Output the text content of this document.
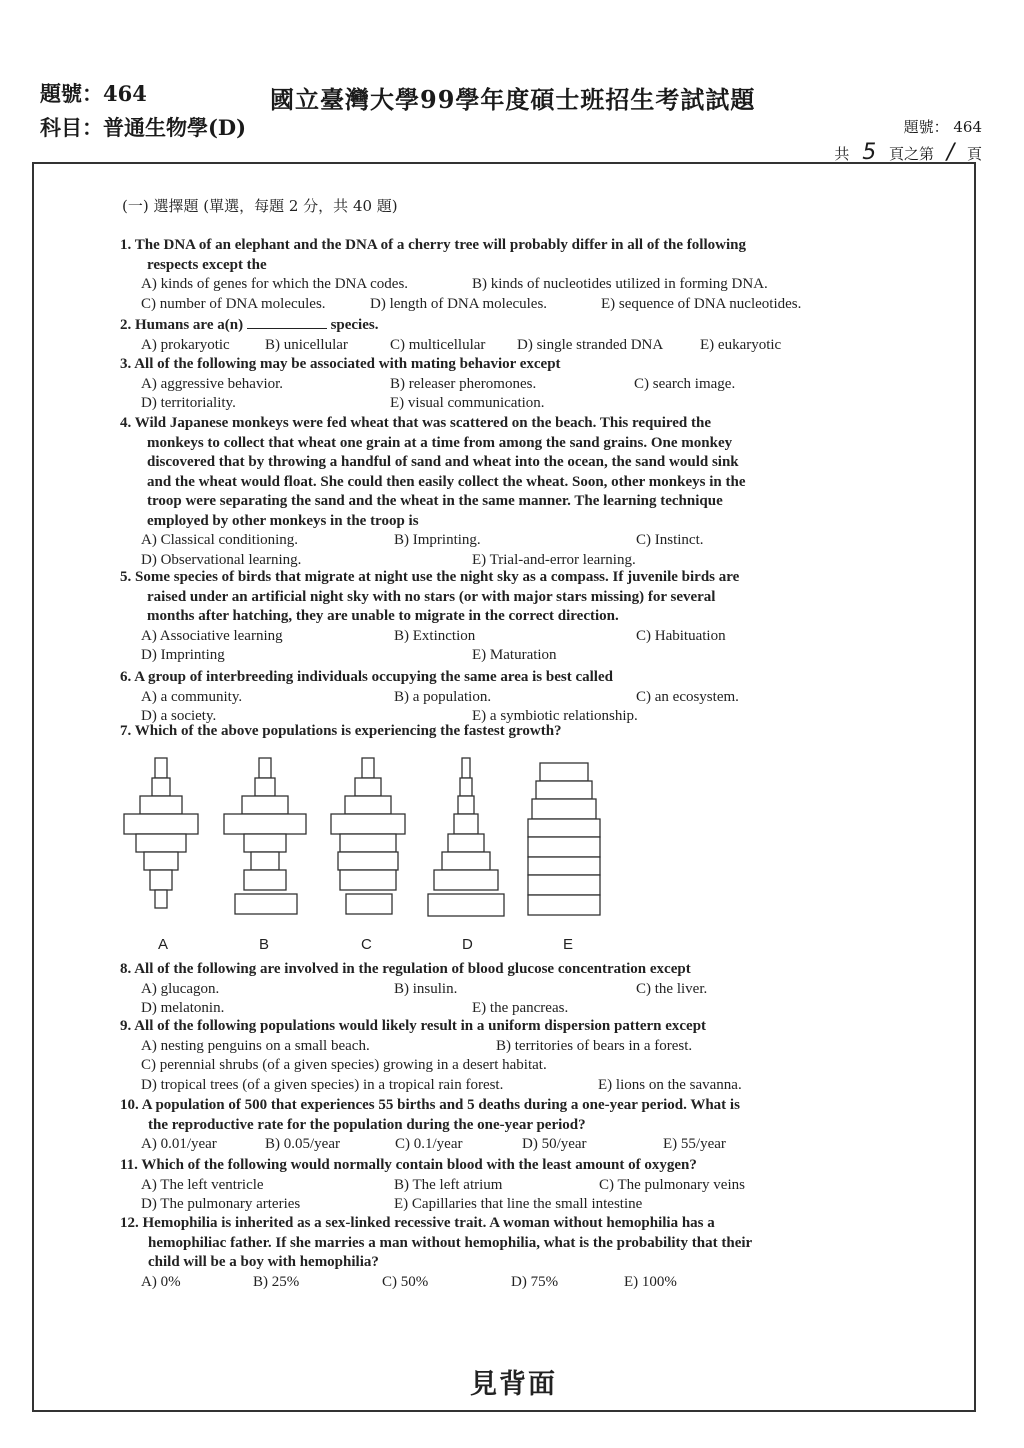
題號：464
科目：普通生物學(D)
國立臺灣大學99學年度碩士班招生考試試題
題號： 464
共 5 頁之第 / 頁
(一) 選擇題 (單選，每題 2 分，共 40 題)
1. The DNA of an elephant and the DNA of a cherry tree will probably differ in all of the following
respects except the
A) kinds of genes for which the DNA codes.	B) kinds of nucleotides utilized in forming DNA.
C) number of DNA molecules.	D) length of DNA molecules.	E) sequence of DNA nucleotides.
2. Humans are a(n)	species.
A) prokaryotic B) unicellular	C) multicellular D) single stranded DNA E) eukaryotic
3. All of the following may be associated with mating behavior except
A) aggressive behavior.	B) releaser pheromones.	C) search image.
D) territoriality.	E) visual communication.
4. Wild Japanese monkeys were fed wheat that was scattered on the beach. This required the
monkeys to collect that wheat one grain at a time from among the sand grains. One monkey
discovered that by throwing a handful of sand and wheat into the ocean, the sand would sink
and the wheat would float. She could then easily collect the wheat. Soon, other monkeys in the
troop were separating the sand and the wheat in the same manner. The learning technique
employed by other monkeys in the troop is
A) Classical conditioning.	B) Imprinting.	C) Instinct.
D) Observational learning.	E) Trial-and-error learning.
5. Some species of birds that migrate at night use the night sky as a compass. If juvenile birds are
raised under an artificial night sky with no stars (or with major stars missing) for several
months after hatching, they are unable to migrate in the correct direction.
A) Associative learning	B) Extinction	C) Habituation
D) Imprinting	E) Maturation
6. A group of interbreeding individuals occupying the same area is best called
A) a community.	B) a population.	C) an ecosystem.
D) a society.	E) a symbiotic relationship.
7. Which of the above populations is experiencing the fastest growth?
8. All of the following are involved in the regulation of blood glucose concentration except
A) glucagon.	B) insulin.	C) the liver.
D) melatonin.	E) the pancreas.
9. All of the following populations would likely result in a uniform dispersion pattern except
A) nesting penguins on a small beach.	B) territories of bears in a forest.
C) perennial shrubs (of a given species) growing in a desert habitat.
D) tropical trees (of a given species) in a tropical rain forest.	E) lions on the savanna.
10. A population of 500 that experiences 55 births and 5 deaths during a one-year period. What is
the reproductive rate for the population during the one-year period?
A) 0.01/year	B) 0.05/year	C) 0.1/year	D) 50/year	E) 55/year
11. Which of the following would normally contain blood with the least amount of oxygen?
A) The left ventricle	B) The left atrium	C) The pulmonary veins
D) The pulmonary arteries	E) Capillaries that line the small intestine
12. Hemophilia is inherited as a sex-linked recessive trait. A woman without hemophilia has a
hemophiliac father. If she marries a man without hemophilia, what is the probability that their
child will be a boy with hemophilia?
A) 0%	B) 25%	C) 50%	D) 75%	E) 100%
A	B	C	D	E
見背面
